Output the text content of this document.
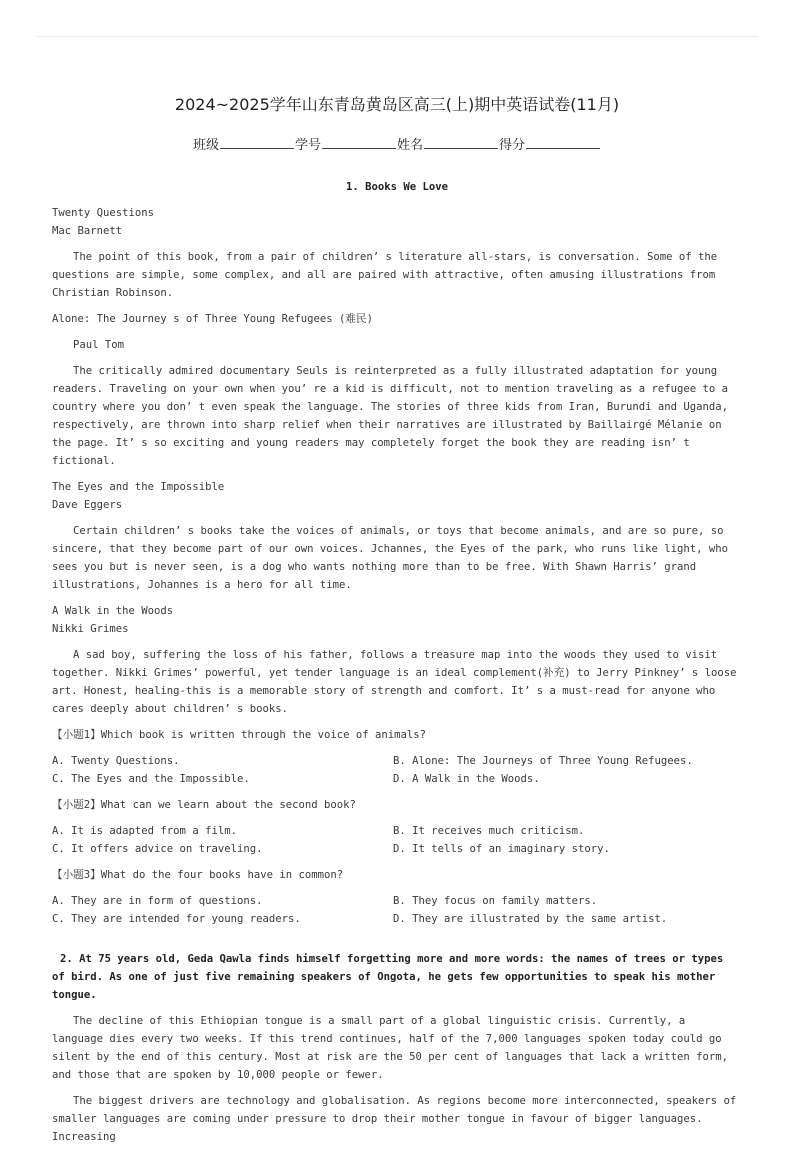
2024~2025学年山东青岛黄岛区高三(上)期中英语试卷(11月)
班级	学号	姓名	得分
1. Books We Love
Twenty Questions
Mac Barnett

The point of this book, from a pair of children’ s literature all-stars, is conversation. Some of the questions are simple, some complex, and all are paired with attractive, often amusing illustrations from Christian Robinson.

Alone: The Journey s of Three Young Refugees (难民)

Paul Tom

The critically admired documentary Seuls is reinterpreted as a fully illustrated adaptation for young readers. Traveling on your own when you’ re a kid is difficult, not to mention traveling as a refugee to a country where you don’ t even speak the language. The stories of three kids from Iran, Burundi and Uganda, respectively, are thrown into sharp relief when their narratives are illustrated by Baillairgé Mélanie on the page. It’ s so exciting and young readers may completely forget the book they are reading isn’ t fictional.

The Eyes and the Impossible
Dave Eggers

Certain children’ s books take the voices of animals, or toys that become animals, and are so pure, so sincere, that they become part of our own voices. Jchannes, the Eyes of the park, who runs like light, who sees you but is never seen, is a dog who wants nothing more than to be free. With Shawn Harris’ grand illustrations, Johannes is a hero for all time.

A Walk in the Woods
Nikki Grimes

A sad boy, suffering the loss of his father, follows a treasure map into the woods they used to visit together. Nikki Grimes’ powerful, yet tender language is an ideal complement(补充) to Jerry Pinkney’ s loose art. Honest, healing-this is a memorable story of strength and comfort. It’ s a must-read for anyone who cares deeply about children’ s books.

【小题1】Which book is written through the voice of animals?

A. Twenty Questions.	B. Alone: The Journeys of Three Young Refugees.
C. The Eyes and the Impossible.	D. A Walk in the Woods.

【小题2】What can we learn about the second book?

A. It is adapted from a film.	B. It receives much criticism.
C. It offers advice on traveling.	D. It tells of an imaginary story.

【小题3】What do the four books have in common?

A. They are in form of questions.	B. They focus on family matters.
C. They are intended for young readers.	D. They are illustrated by the same artist.
2. At 75 years old, Geda Qawla finds himself forgetting more and more words: the names of trees or types of bird. As one of just five remaining speakers of Ongota, he gets few opportunities to speak his mother tongue.

The decline of this Ethiopian tongue is a small part of a global linguistic crisis. Currently, a language dies every two weeks. If this trend continues, half of the 7,000 languages spoken today could go silent by the end of this century. Most at risk are the 50 per cent of languages that lack a written form, and those that are spoken by 10,000 people or fewer.

The biggest drivers are technology and globalisation. As regions become more interconnected, speakers of smaller languages are coming under pressure to drop their mother tongue in favour of bigger languages. Increasing
